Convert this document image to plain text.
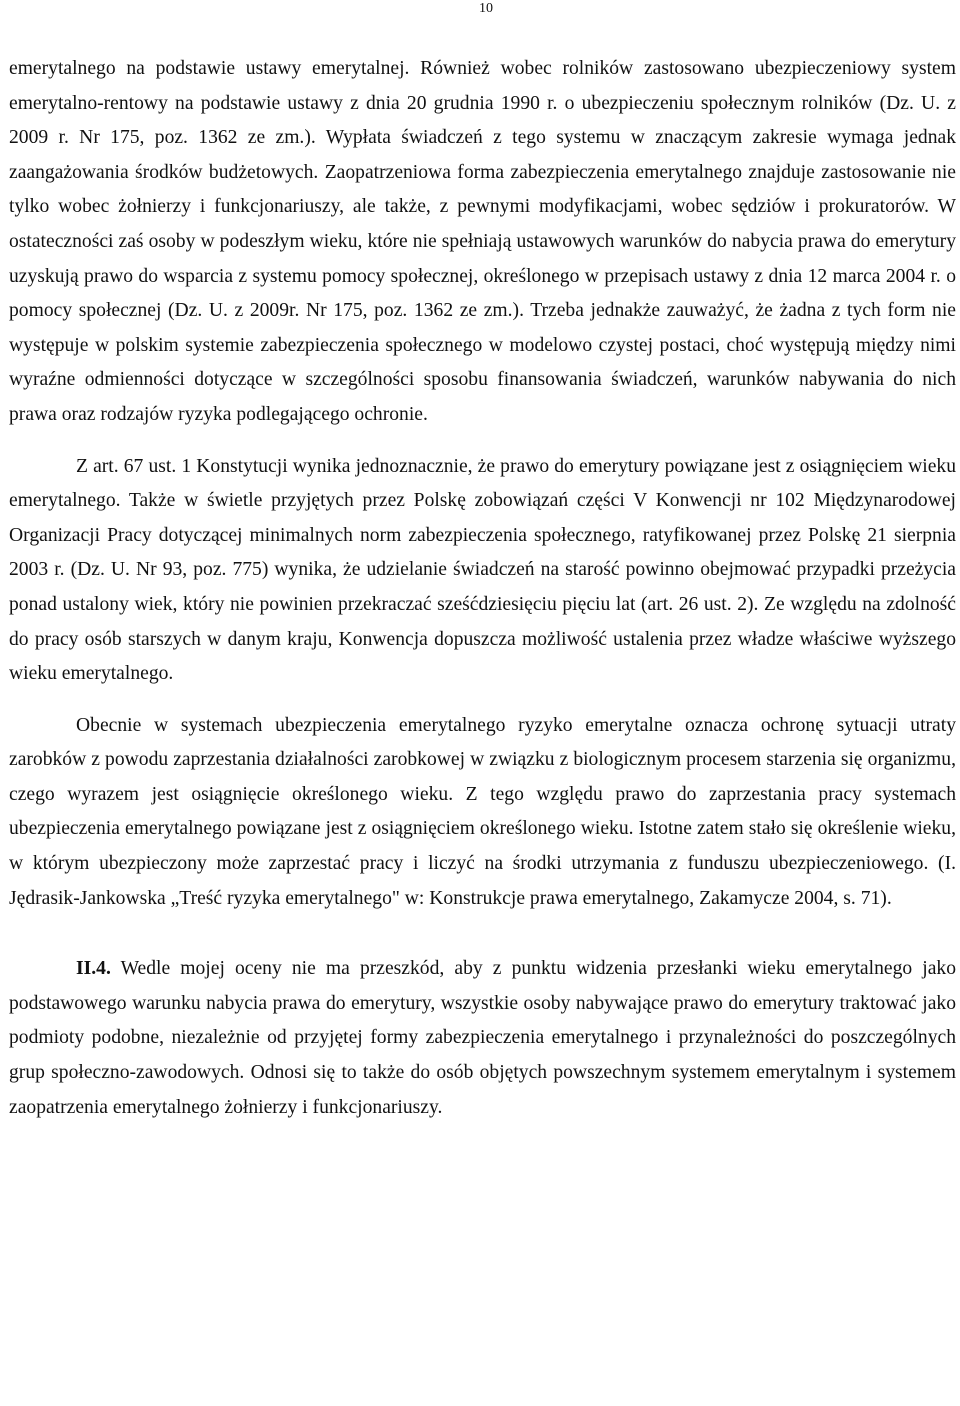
10

emerytalnego na podstawie ustawy emerytalnej. Również wobec rolników zastosowano ubezpieczeniowy system emerytalno-rentowy na podstawie ustawy z dnia 20 grudnia 1990 r. o ubezpieczeniu społecznym rolników (Dz. U. z 2009 r. Nr 175, poz. 1362 ze zm.). Wypłata świadczeń z tego systemu w znaczącym zakresie wymaga jednak zaangażowania środków budżetowych. Zaopatrzeniowa forma zabezpieczenia emerytalnego znajduje zastosowanie nie tylko wobec żołnierzy i funkcjonariuszy, ale także, z pewnymi modyfikacjami, wobec sędziów i prokuratorów. W ostateczności zaś osoby w podeszłym wieku, które nie spełniają ustawowych warunków do nabycia prawa do emerytury uzyskują prawo do wsparcia z systemu pomocy społecznej, określonego w przepisach ustawy z dnia 12 marca 2004 r. o pomocy społecznej (Dz. U. z 2009r. Nr 175, poz. 1362 ze zm.). Trzeba jednakże zauważyć, że żadna z tych form nie występuje w polskim systemie zabezpieczenia społecznego w modelowo czystej postaci, choć występują między nimi wyraźne odmienności dotyczące w szczególności sposobu finansowania świadczeń, warunków nabywania do nich prawa oraz rodzajów ryzyka podlegającego ochronie.

Z art. 67 ust. 1 Konstytucji wynika jednoznacznie, że prawo do emerytury powiązane jest z osiągnięciem wieku emerytalnego. Także w świetle przyjętych przez Polskę zobowiązań części V Konwencji nr 102 Międzynarodowej Organizacji Pracy dotyczącej minimalnych norm zabezpieczenia społecznego, ratyfikowanej przez Polskę 21 sierpnia 2003 r. (Dz. U. Nr 93, poz. 775) wynika, że udzielanie świadczeń na starość powinno obejmować przypadki przeżycia ponad ustalony wiek, który nie powinien przekraczać sześćdziesięciu pięciu lat (art. 26 ust. 2). Ze względu na zdolność do pracy osób starszych w danym kraju, Konwencja dopuszcza możliwość ustalenia przez władze właściwe wyższego wieku emerytalnego.

Obecnie w systemach ubezpieczenia emerytalnego ryzyko emerytalne oznacza ochronę sytuacji utraty zarobków z powodu zaprzestania działalności zarobkowej w związku z biologicznym procesem starzenia się organizmu, czego wyrazem jest osiągnięcie określonego wieku. Z tego względu prawo do zaprzestania pracy systemach ubezpieczenia emerytalnego powiązane jest z osiągnięciem określonego wieku. Istotne zatem stało się określenie wieku, w którym ubezpieczony może zaprzestać pracy i liczyć na środki utrzymania z funduszu ubezpieczeniowego. (I. Jędrasik-Jankowska „Treść ryzyka emerytalnego" w: Konstrukcje prawa emerytalnego, Zakamycze 2004, s. 71).

II.4. Wedle mojej oceny nie ma przeszkód, aby z punktu widzenia przesłanki wieku emerytalnego jako podstawowego warunku nabycia prawa do emerytury, wszystkie osoby nabywające prawo do emerytury traktować jako podmioty podobne, niezależnie od przyjętej formy zabezpieczenia emerytalnego i przynależności do poszczególnych grup społeczno-zawodowych. Odnosi się to także do osób objętych powszechnym systemem emerytalnym i systemem zaopatrzenia emerytalnego żołnierzy i funkcjonariuszy.
